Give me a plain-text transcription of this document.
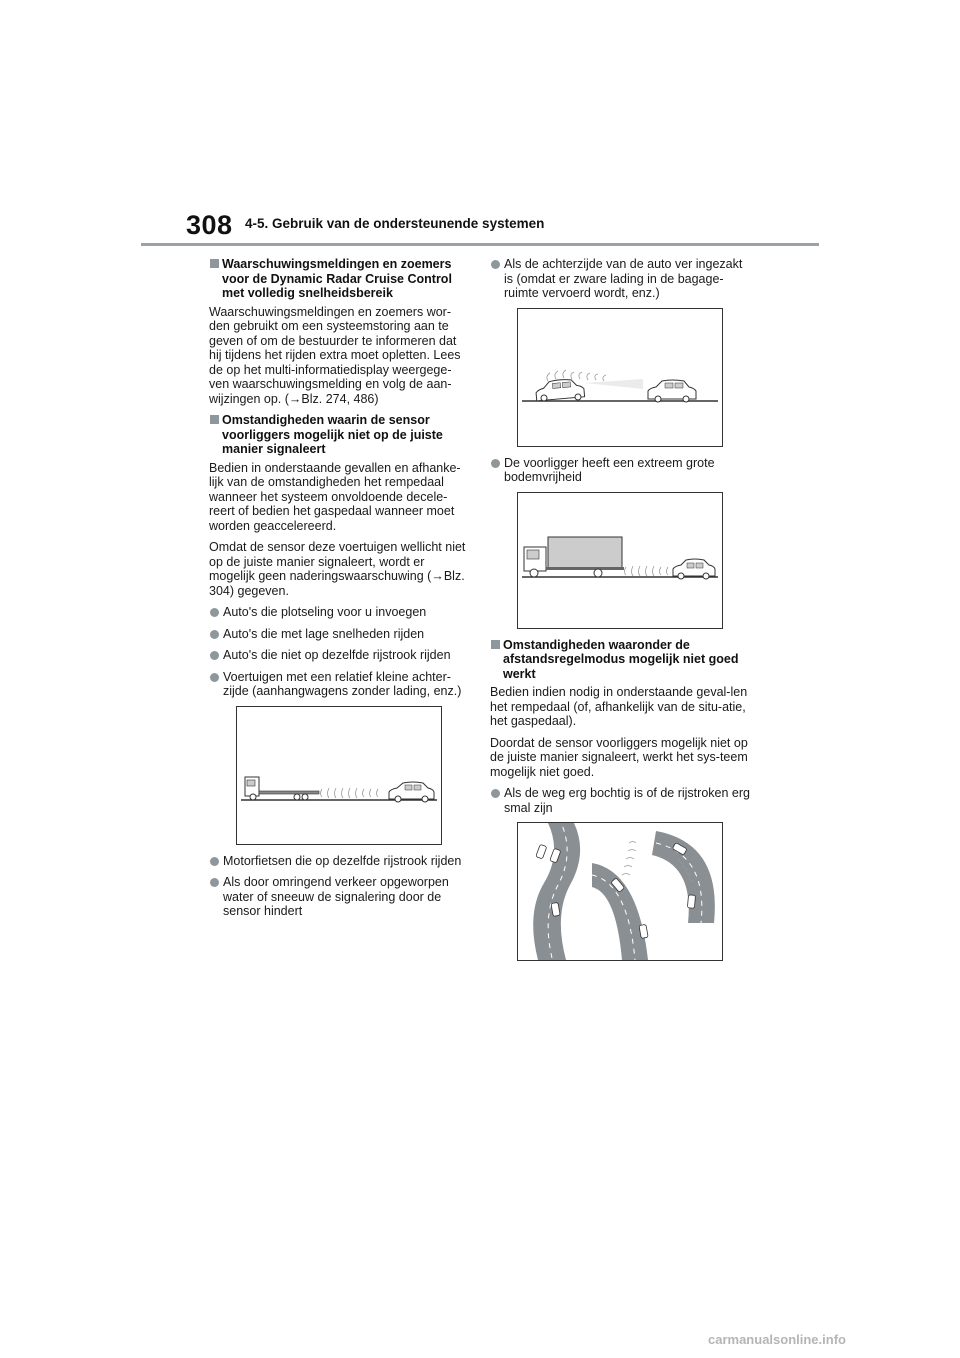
308 4-5. Gebruik van de ondersteunende systemen
Waarschuwingsmeldingen en zoemers voor de Dynamic Radar Cruise Control met volledig snelheidsbereik

Waarschuwingsmeldingen en zoemers wor-den gebruikt om een systeemstoring aan te geven of om de bestuurder te informeren dat hij tijdens het rijden extra moet opletten. Lees de op het multi-informatiedisplay weergege-ven waarschuwingsmelding en volg de aan-wijzingen op. (→Blz. 274, 486)

Omstandigheden waarin de sensor voorliggers mogelijk niet op de juiste manier signaleert

Bedien in onderstaande gevallen en afhanke-lijk van de omstandigheden het rempedaal wanneer het systeem onvoldoende decele-reert of bedien het gaspedaal wanneer moet worden geaccelereerd.

Omdat de sensor deze voertuigen wellicht niet op de juiste manier signaleert, wordt er mogelijk geen naderingswaarschuwing (→Blz. 304) gegeven.

Auto's die plotseling voor u invoegen
Auto's die met lage snelheden rijden
Auto's die niet op dezelfde rijstrook rijden
Voertuigen met een relatief kleine achter-zijde (aanhangwagens zonder lading, enz.)
Motorfietsen die op dezelfde rijstrook rijden
Als door omringend verkeer opgeworpen water of sneeuw de signalering door de sensor hindert
Als de achterzijde van de auto ver ingezakt is (omdat er zware lading in de bagage-ruimte vervoerd wordt, enz.)
De voorligger heeft een extreem grote bodemvrijheid
Omstandigheden waaronder de afstandsregelmodus mogelijk niet goed werkt

Bedien indien nodig in onderstaande geval-len het rempedaal (of, afhankelijk van de situ-atie, het gaspedaal).

Doordat de sensor voorliggers mogelijk niet op de juiste manier signaleert, werkt het sys-teem mogelijk niet goed.

Als de weg erg bochtig is of de rijstroken erg smal zijn
carmanualsonline.info
